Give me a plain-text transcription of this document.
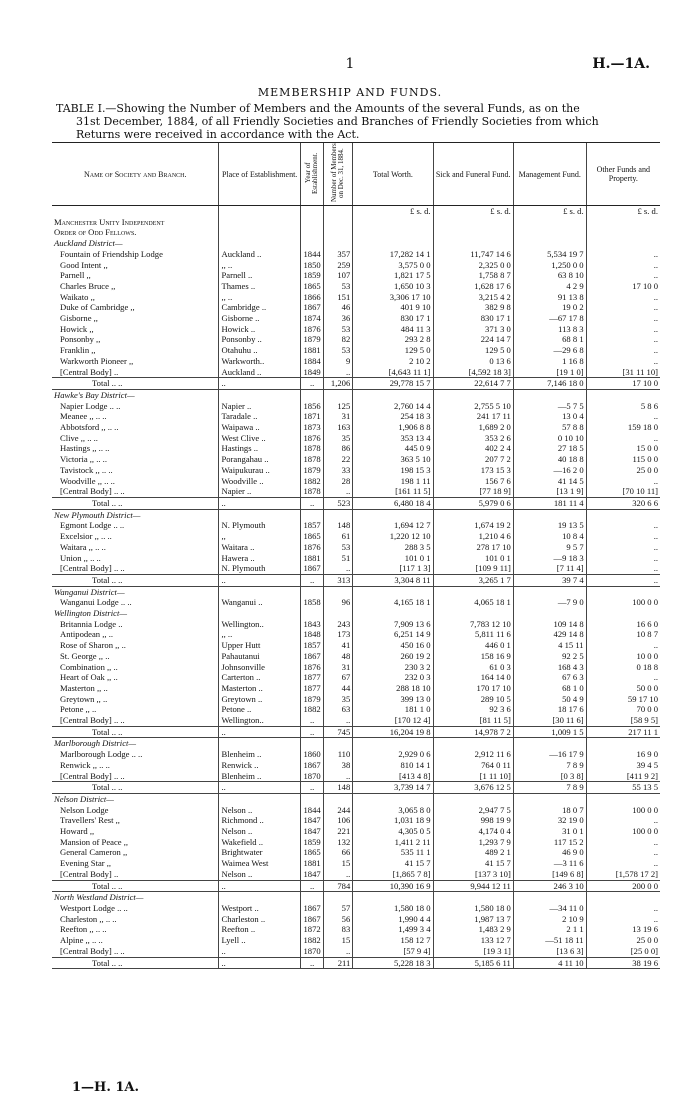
1	H.—1A.
MEMBERSHIP AND FUNDS.
TABLE I.—Showing the Number of Members and the Amounts of the several Funds, as on the
31st December, 1884, of all Friendly Societies and Branches of Friendly Societies from which
Returns were received in accordance with the Act.
Name of Society and Branch.	Place of Establishment.	Year of Establishment.	Number of Members on Dec. 31, 1884.	Total Worth.	Sick and Funeral Fund.	Management Fund.	Other Funds and Property.
				£ s. d.	£ s. d.	£ s. d.	£ s. d.
Manchester Unity Independent							
Order of Odd Fellows.							
Auckland District—							
Fountain of Friendship Lodge	Auckland ..	1844	357	17,282 14 1	11,747 14 6	5,534 19 7	..
Good Intent ,,	,, ..	1850	259	3,575 0 0	2,325 0 0	1,250 0 0	..
Parnell ,,	Parnell ..	1859	107	1,821 17 5	1,758 8 7	63 8 10	..
Charles Bruce ,,	Thames ..	1865	53	1,650 10 3	1,628 17 6	4 2 9	17 10 0
Waikato ,,	,, ..	1866	151	3,306 17 10	3,215 4 2	91 13 8	..
Duke of Cambridge ,,	Cambridge ..	1867	46	401 9 10	382 9 8	19 0 2	..
Gisborne ,,	Gisborne ..	1874	36	830 17 1	830 17 1	—67 17 8	..
Howick ,,	Howick ..	1876	53	484 11 3	371 3 0	113 8 3	..
Ponsonby ,,	Ponsonby ..	1879	82	293 2 8	224 14 7	68 8 1	..
Franklin ,,	Otahuhu ..	1881	53	129 5 0	129 5 0	—29 6 8	..
Warkworth Pioneer ,,	Warkworth..	1884	9	2 10 2	0 13 6	1 16 8	..
[Central Body] ..	Auckland ..	1849	..	[4,643 11 1]	[4,592 18 3]	[19 1 0]	[31 11 10]
Total .. ..	..	..	1,206	29,778 15 7	22,614 7 7	7,146 18 0	17 10 0
Hawke's Bay District—							
Napier Lodge .. ..	Napier ..	1856	125	2,760 14 4	2,755 5 10	—5 7 5	5 8 6
Meanee ,, .. ..	Taradale ..	1871	31	254 18 3	241 17 11	13 0 4	..
Abbotsford ,, .. ..	Waipawa ..	1873	163	1,906 8 8	1,689 2 0	57 8 8	159 18 0
Clive ,, .. ..	West Clive ..	1876	35	353 13 4	353 2 6	0 10 10	..
Hastings ,, .. ..	Hastings ..	1878	86	445 0 9	402 2 4	27 18 5	15 0 0
Victoria ,, .. ..	Porangahau ..	1878	22	363 5 10	207 7 2	40 18 8	115 0 0
Tavistock ,, .. ..	Waipukurau ..	1879	33	198 15 3	173 15 3	—16 2 0	25 0 0
Woodville ,, .. ..	Woodville ..	1882	28	198 1 11	156 7 6	41 14 5	..
[Central Body] .. ..	Napier ..	1878	..	[161 11 5]	[77 18 9]	[13 1 9]	[70 10 11]
Total .. ..	..	..	523	6,480 18 4	5,979 0 6	181 11 4	320 6 6
New Plymouth District—							
Egmont Lodge .. ..	N. Plymouth	1857	148	1,694 12 7	1,674 19 2	19 13 5	..
Excelsior ,, .. ..	,,	1865	61	1,220 12 10	1,210 4 6	10 8 4	..
Waitara ,, .. ..	Waitara ..	1876	53	288 3 5	278 17 10	9 5 7	..
Union ,, .. ..	Hawera ..	1881	51	101 0 1	101 0 1	—9 18 3	..
[Central Body] .. ..	N. Plymouth	1867	..	[117 1 3]	[109 9 11]	[7 11 4]	..
Total .. ..	..	..	313	3,304 8 11	3,265 1 7	39 7 4	..
Wanganui District—							
Wanganui Lodge .. ..	Wanganui ..	1858	96	4,165 18 1	4,065 18 1	—7 9 0	100 0 0
Wellington District—							
Britannia Lodge ..	Wellington..	1843	243	7,909 13 6	7,783 12 10	109 14 8	16 6 0
Antipodean ,, ..	,, ..	1848	173	6,251 14 9	5,811 11 6	429 14 8	10 8 7
Rose of Sharon ,, ..	Upper Hutt	1857	41	450 16 0	446 0 1	4 15 11	..
St. George ,, ..	Pahautanui	1867	48	260 19 2	158 16 9	92 2 5	10 0 0
Combination ,, ..	Johnsonville	1876	31	230 3 2	61 0 3	168 4 3	0 18 8
Heart of Oak ,, ..	Carterton ..	1877	67	232 0 3	164 14 0	67 6 3	..
Masterton ,, ..	Masterton ..	1877	44	288 18 10	170 17 10	68 1 0	50 0 0
Greytown ,, ..	Greytown ..	1879	35	399 13 0	289 10 5	50 4 9	59 17 10
Petone ,, ..	Petone ..	1882	63	181 1 0	92 3 6	18 17 6	70 0 0
[Central Body] .. ..	Wellington..	..	..	[170 12 4]	[81 11 5]	[30 11 6]	[58 9 5]
Total .. ..	..	..	745	16,204 19 8	14,978 7 2	1,009 1 5	217 11 1
Marlborough District—							
Marlborough Lodge .. ..	Blenheim ..	1860	110	2,929 0 6	2,912 11 6	—16 17 9	16 9 0
Renwick ,, .. ..	Renwick ..	1867	38	810 14 1	764 0 11	7 8 9	39 4 5
[Central Body] .. ..	Blenheim ..	1870	..	[413 4 8]	[1 11 10]	[0 3 8]	[411 9 2]
Total .. ..	..	..	148	3,739 14 7	3,676 12 5	7 8 9	55 13 5
Nelson District—							
Nelson Lodge	Nelson ..	1844	244	3,065 8 0	2,947 7 5	18 0 7	100 0 0
Travellers' Rest ,,	Richmond ..	1847	106	1,031 18 9	998 19 9	32 19 0	..
Howard ,,	Nelson ..	1847	221	4,305 0 5	4,174 0 4	31 0 1	100 0 0
Mansion of Peace ,,	Wakefield ..	1859	132	1,411 2 11	1,293 7 9	117 15 2	..
General Cameron ,,	Brightwater	1865	66	535 11 1	489 2 1	46 9 0	..
Evening Star ,,	Waimea West	1881	15	41 15 7	41 15 7	—3 11 6	..
[Central Body] ..	Nelson ..	1847	..	[1,865 7 8]	[137 3 10]	[149 6 8]	[1,578 17 2]
Total .. ..	..	..	784	10,390 16 9	9,944 12 11	246 3 10	200 0 0
North Westland District—							
Westport Lodge .. ..	Westport ..	1867	57	1,580 18 0	1,580 18 0	—34 11 0	..
Charleston ,, .. ..	Charleston ..	1867	56	1,990 4 4	1,987 13 7	2 10 9	..
Reefton ,, .. ..	Reefton ..	1872	83	1,499 3 4	1,483 2 9	2 1 1	13 19 6
Alpine ,, .. ..	Lyell ..	1882	15	158 12 7	133 12 7	—51 18 11	25 0 0
[Central Body] .. ..	..	1870	..	[57 9 4]	[19 3 1]	[13 6 3]	[25 0 0]
Total .. ..	..	..	211	5,228 18 3	5,185 6 11	4 11 10	38 19 6
1—H. 1A.
